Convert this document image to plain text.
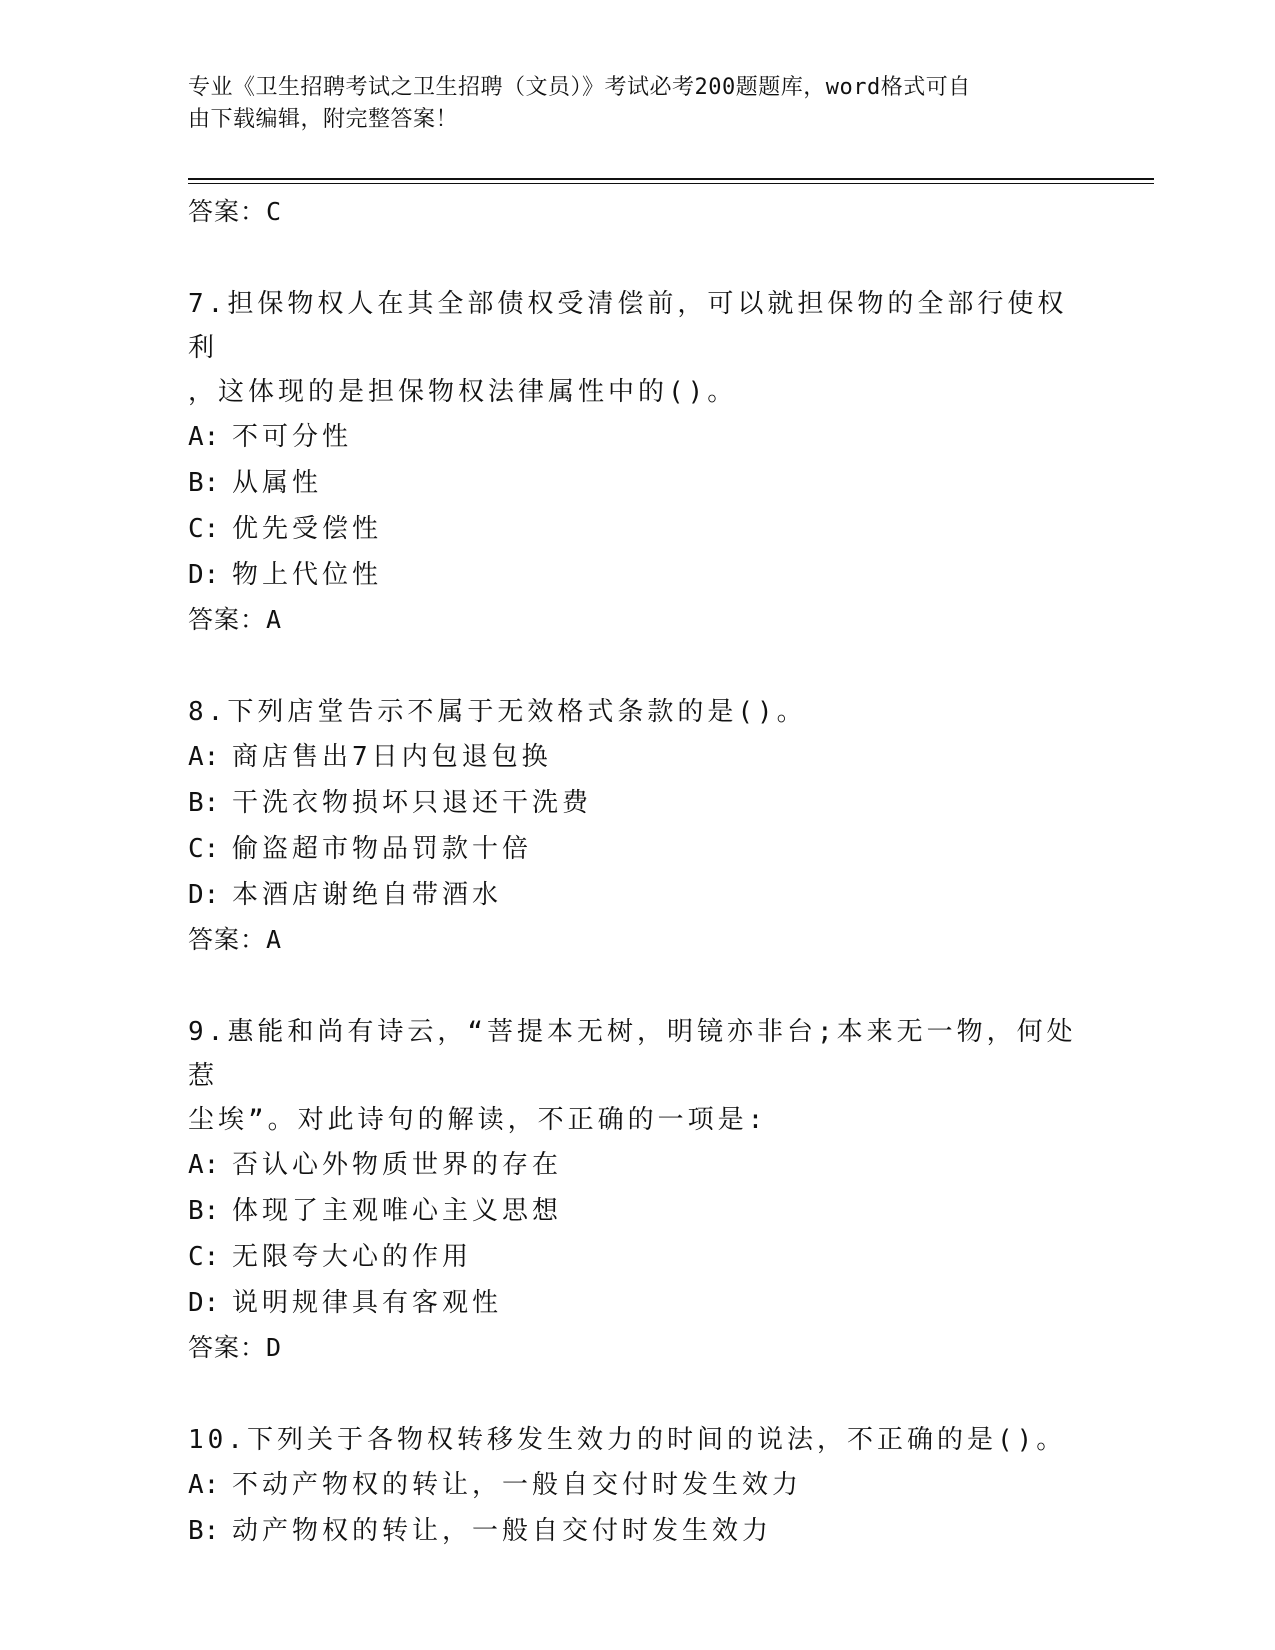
专业《卫生招聘考试之卫生招聘（文员）》考试必考200题题库，word格式可自
由下载编辑，附完整答案！
答案： C
7.担保物权人在其全部债权受清偿前，可以就担保物的全部行使权利
，这体现的是担保物权法律属性中的()。
A: 不可分性
B: 从属性
C: 优先受偿性
D: 物上代位性
答案： A
8.下列店堂告示不属于无效格式条款的是()。
A: 商店售出7日内包退包换
B: 干洗衣物损坏只退还干洗费
C: 偷盗超市物品罚款十倍
D: 本酒店谢绝自带酒水
答案： A
9.惠能和尚有诗云，“菩提本无树，明镜亦非台;本来无一物，何处惹
尘埃”。对此诗句的解读，不正确的一项是:
A: 否认心外物质世界的存在
B: 体现了主观唯心主义思想
C: 无限夸大心的作用
D: 说明规律具有客观性
答案： D
10.下列关于各物权转移发生效力的时间的说法，不正确的是()。
A: 不动产物权的转让，一般自交付时发生效力
B: 动产物权的转让，一般自交付时发生效力
